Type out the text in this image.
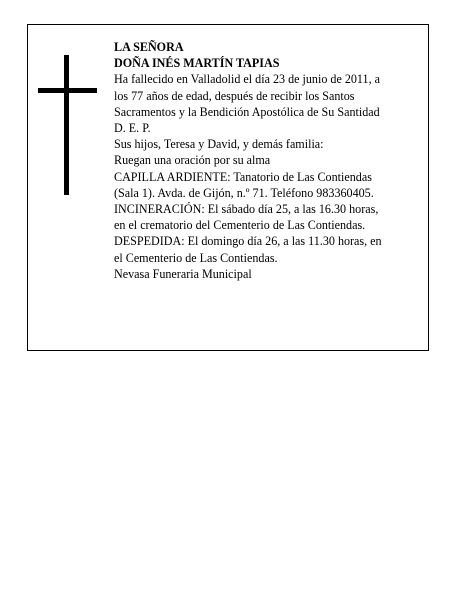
LA SEÑORA
DOÑA INÉS MARTÍN TAPIAS
Ha fallecido en Valladolid el día 23 de junio de 2011, a
los 77 años de edad, después de recibir los Santos
Sacramentos y la Bendición Apostólica de Su Santidad
D. E. P.
Sus hijos, Teresa y David, y demás familia:
Ruegan una oración por su alma
CAPILLA ARDIENTE: Tanatorio de Las Contiendas
(Sala 1). Avda. de Gijón, n.º 71. Teléfono 983360405.
INCINERACIÓN: El sábado día 25, a las 16.30 horas,
en el crematorio del Cementerio de Las Contiendas.
DESPEDIDA: El domingo día 26, a las 11.30 horas, en
el Cementerio de Las Contiendas.
Nevasa Funeraria Municipal
